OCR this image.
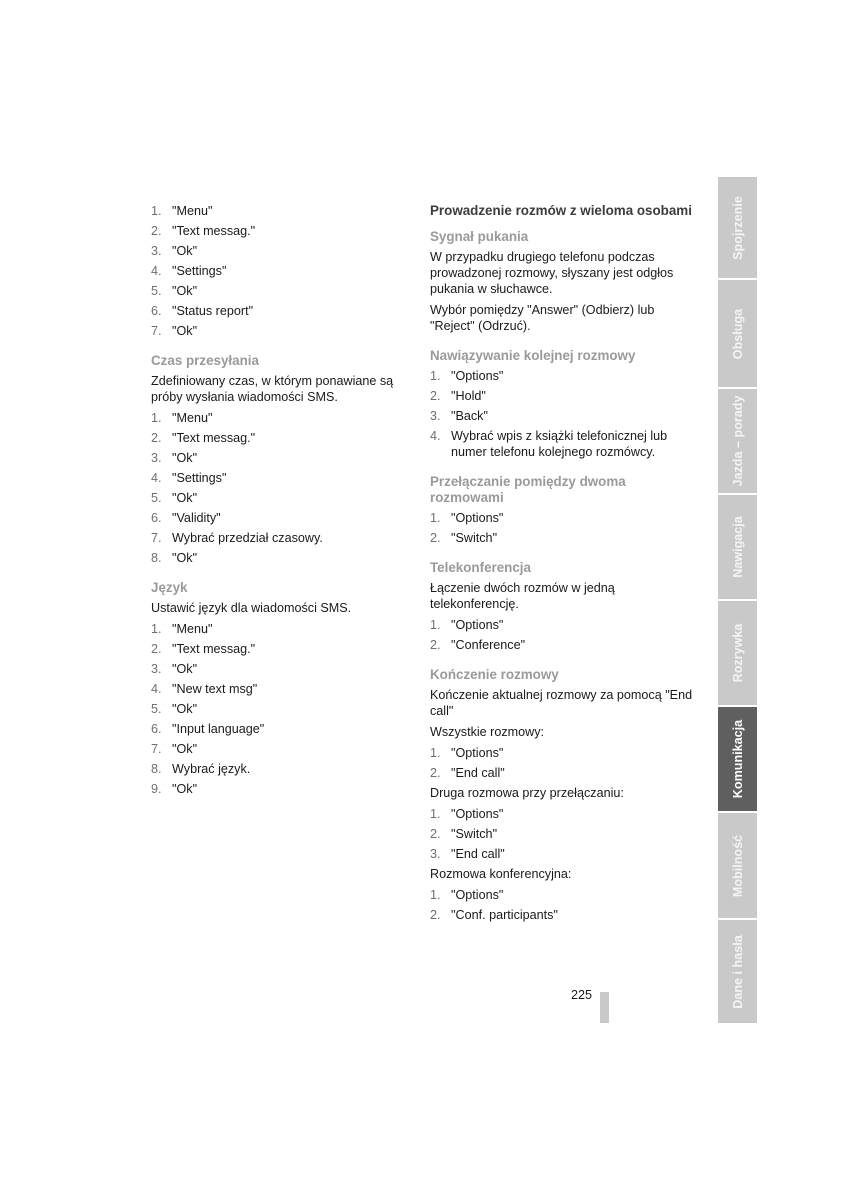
1. "Menu"
2. "Text messag."
3. "Ok"
4. "Settings"
5. "Ok"
6. "Status report"
7. "Ok"
Czas przesyłania

Zdefiniowany czas, w którym ponawiane są próby wysłania wiadomości SMS.

1. "Menu"
2. "Text messag."
3. "Ok"
4. "Settings"
5. "Ok"
6. "Validity"
7. Wybrać przedział czasowy.
8. "Ok"
Język

Ustawić język dla wiadomości SMS.

1. "Menu"
2. "Text messag."
3. "Ok"
4. "New text msg"
5. "Ok"
6. "Input language"
7. "Ok"
8. Wybrać język.
9. "Ok"
Prowadzenie rozmów z wieloma osobami
Sygnał pukania

W przypadku drugiego telefonu podczas prowadzonej rozmowy, słyszany jest odgłos pukania w słuchawce.

Wybór pomiędzy "Answer" (Odbierz) lub "Reject" (Odrzuć).

Nawiązywanie kolejnej rozmowy
1. "Options"
2. "Hold"
3. "Back"
4. Wybrać wpis z książki telefonicznej lub numer telefonu kolejnego rozmówcy.
Przełączanie pomiędzy dwoma rozmowami
1. "Options"
2. "Switch"
Telekonferencja

Łączenie dwóch rozmów w jedną telekonferencję.

1. "Options"
2. "Conference"
Kończenie rozmowy

Kończenie aktualnej rozmowy za pomocą "End call"

Wszystkie rozmowy:

1. "Options"
2. "End call"

Druga rozmowa przy przełączaniu:

1. "Options"
2. "Switch"
3. "End call"

Rozmowa konferencyjna:

1. "Options"
2. "Conf. participants"
Spojrzenie
Obsługa
Jazda – porady
Nawigacja
Rozrywka
Komunikacja
Mobilność
Dane i hasła
225
